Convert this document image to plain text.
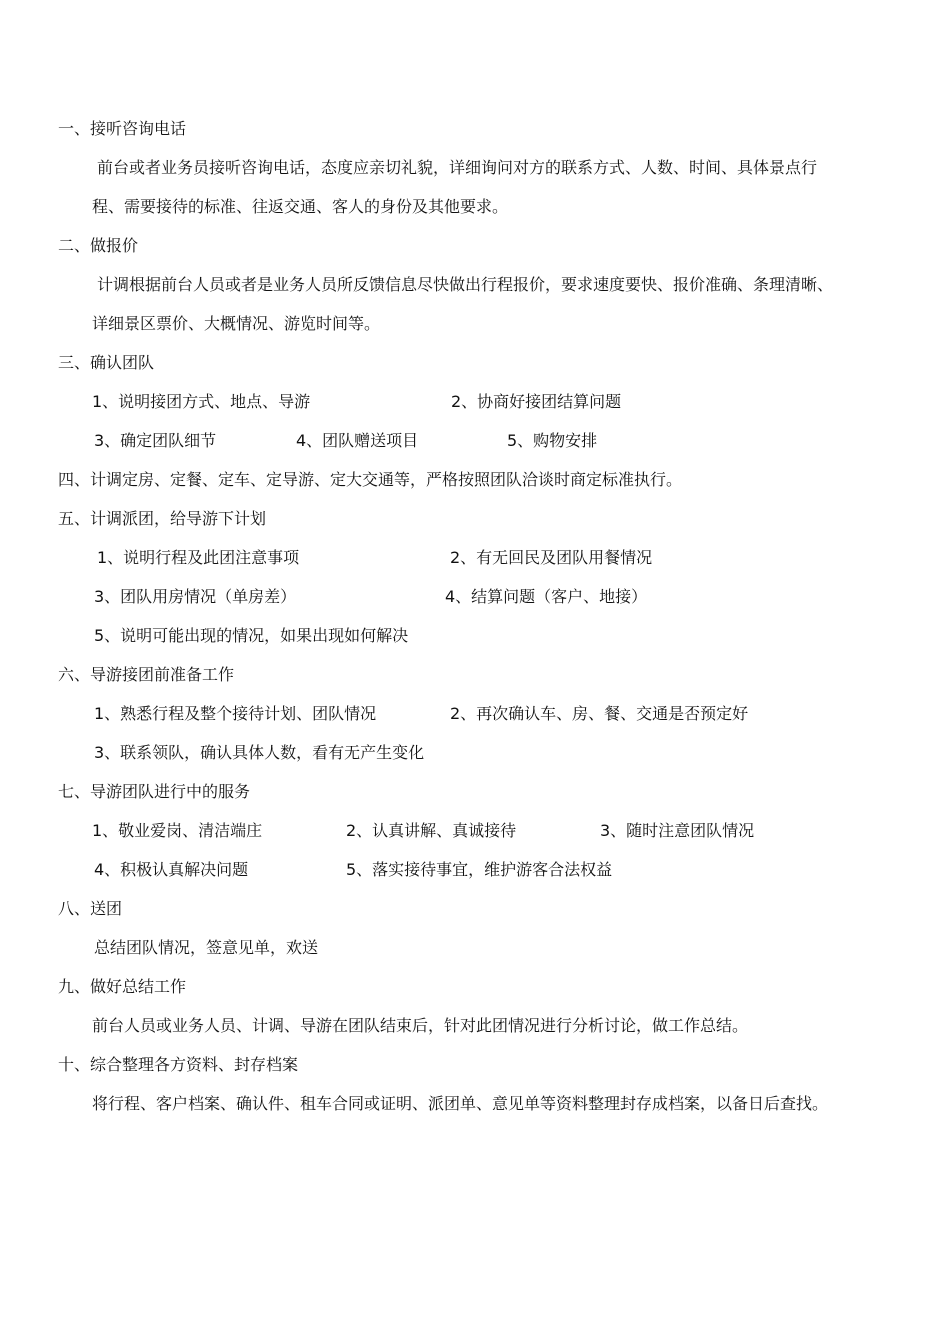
一、接听咨询电话
前台或者业务员接听咨询电话，态度应亲切礼貌，详细询问对方的联系方式、人数、时间、具体景点行
程、需要接待的标准、往返交通、客人的身份及其他要求。
二、做报价
计调根据前台人员或者是业务人员所反馈信息尽快做出行程报价，要求速度要快、报价准确、条理清晰、
详细景区票价、大概情况、游览时间等。
三、确认团队
1、说明接团方式、地点、导游	2、协商好接团结算问题
3、确定团队细节	4、团队赠送项目	5、购物安排
四、计调定房、定餐、定车、定导游、定大交通等，严格按照团队洽谈时商定标准执行。
五、计调派团，给导游下计划
1、说明行程及此团注意事项	2、有无回民及团队用餐情况
3、团队用房情况（单房差）	4、结算问题（客户、地接）
5、说明可能出现的情况，如果出现如何解决
六、导游接团前准备工作
1、熟悉行程及整个接待计划、团队情况	2、再次确认车、房、餐、交通是否预定好
3、联系领队，确认具体人数，看有无产生变化
七、导游团队进行中的服务
1、敬业爱岗、清洁端庄	2、认真讲解、真诚接待	3、随时注意团队情况
4、积极认真解决问题	5、落实接待事宜，维护游客合法权益
八、送团
总结团队情况，签意见单，欢送
九、做好总结工作
前台人员或业务人员、计调、导游在团队结束后，针对此团情况进行分析讨论，做工作总结。
十、综合整理各方资料、封存档案
将行程、客户档案、确认件、租车合同或证明、派团单、意见单等资料整理封存成档案，以备日后查找。
